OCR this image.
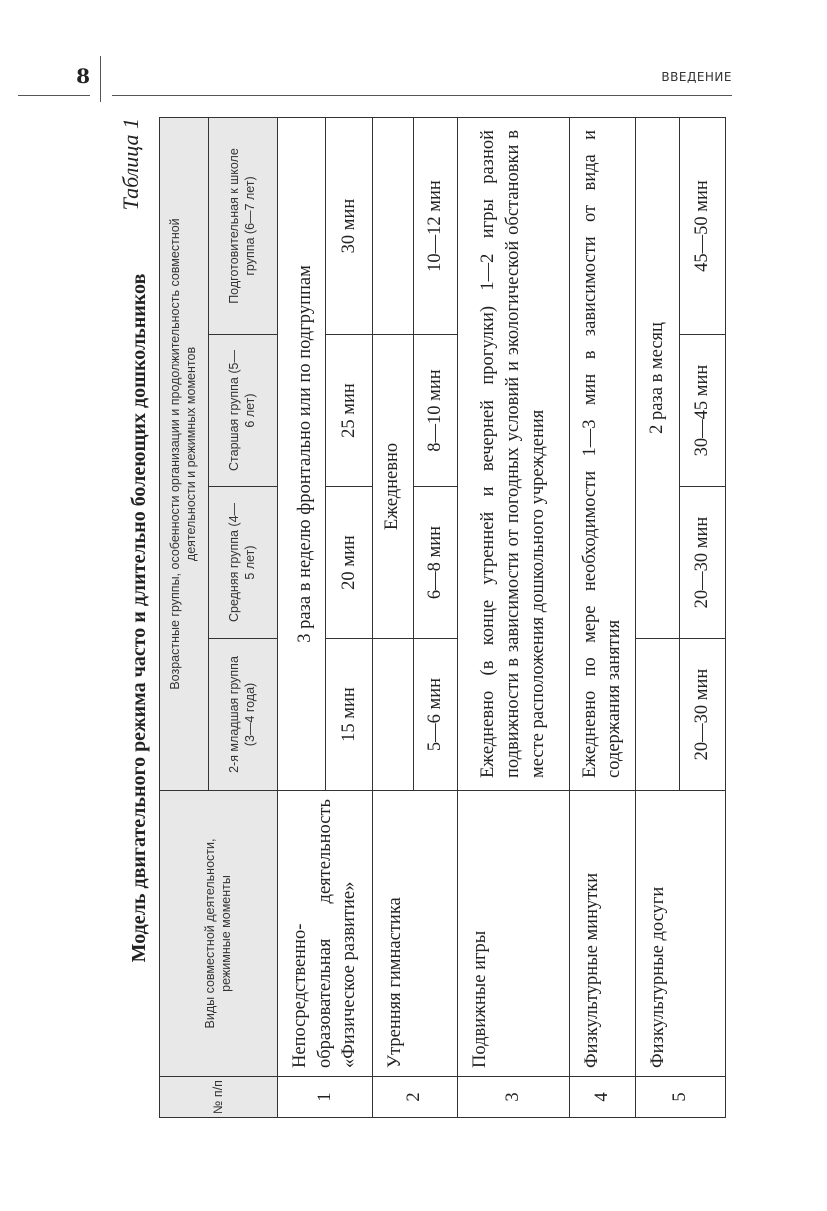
8	ВВЕДЕНИЕ
Таблица 1
Модель двигательного режима часто и длительно болеющих дошкольников
№ п/п	Виды совместной деятельности, режимные моменты	Возрастные группы, особенности организации и продолжительность совместной деятельности и режимных моментов			
		2-я младшая группа (3—4 года)	Средняя группа (4—5 лет)	Старшая группа (5—6 лет)	Подготовительная к школе группа (6—7 лет)
1	Непосредственно-образовательная деятельность «Физическое развитие»	3 раза в неделю фронтально или по подгруппам			
		15 мин	20 мин	25 мин	30 мин
2	Утренняя гимнастика		Ежедневно		
		5—6 мин	6—8 мин	8—10 мин	10—12 мин
3	Подвижные игры	Ежедневно (в конце утренней и вечерней прогулки) 1—2 игры разной подвижности в зависимости от погодных условий и экологической обстановки в месте расположения дошкольного учреждения			
4	Физкультурные минутки	Ежедневно по мере необходимости 1—3 мин в зависимости от вида и содержания занятия			
5	Физкультурные досуги		2 раза в месяц		
		20—30 мин	20—30 мин	30—45 мин	45—50 мин
